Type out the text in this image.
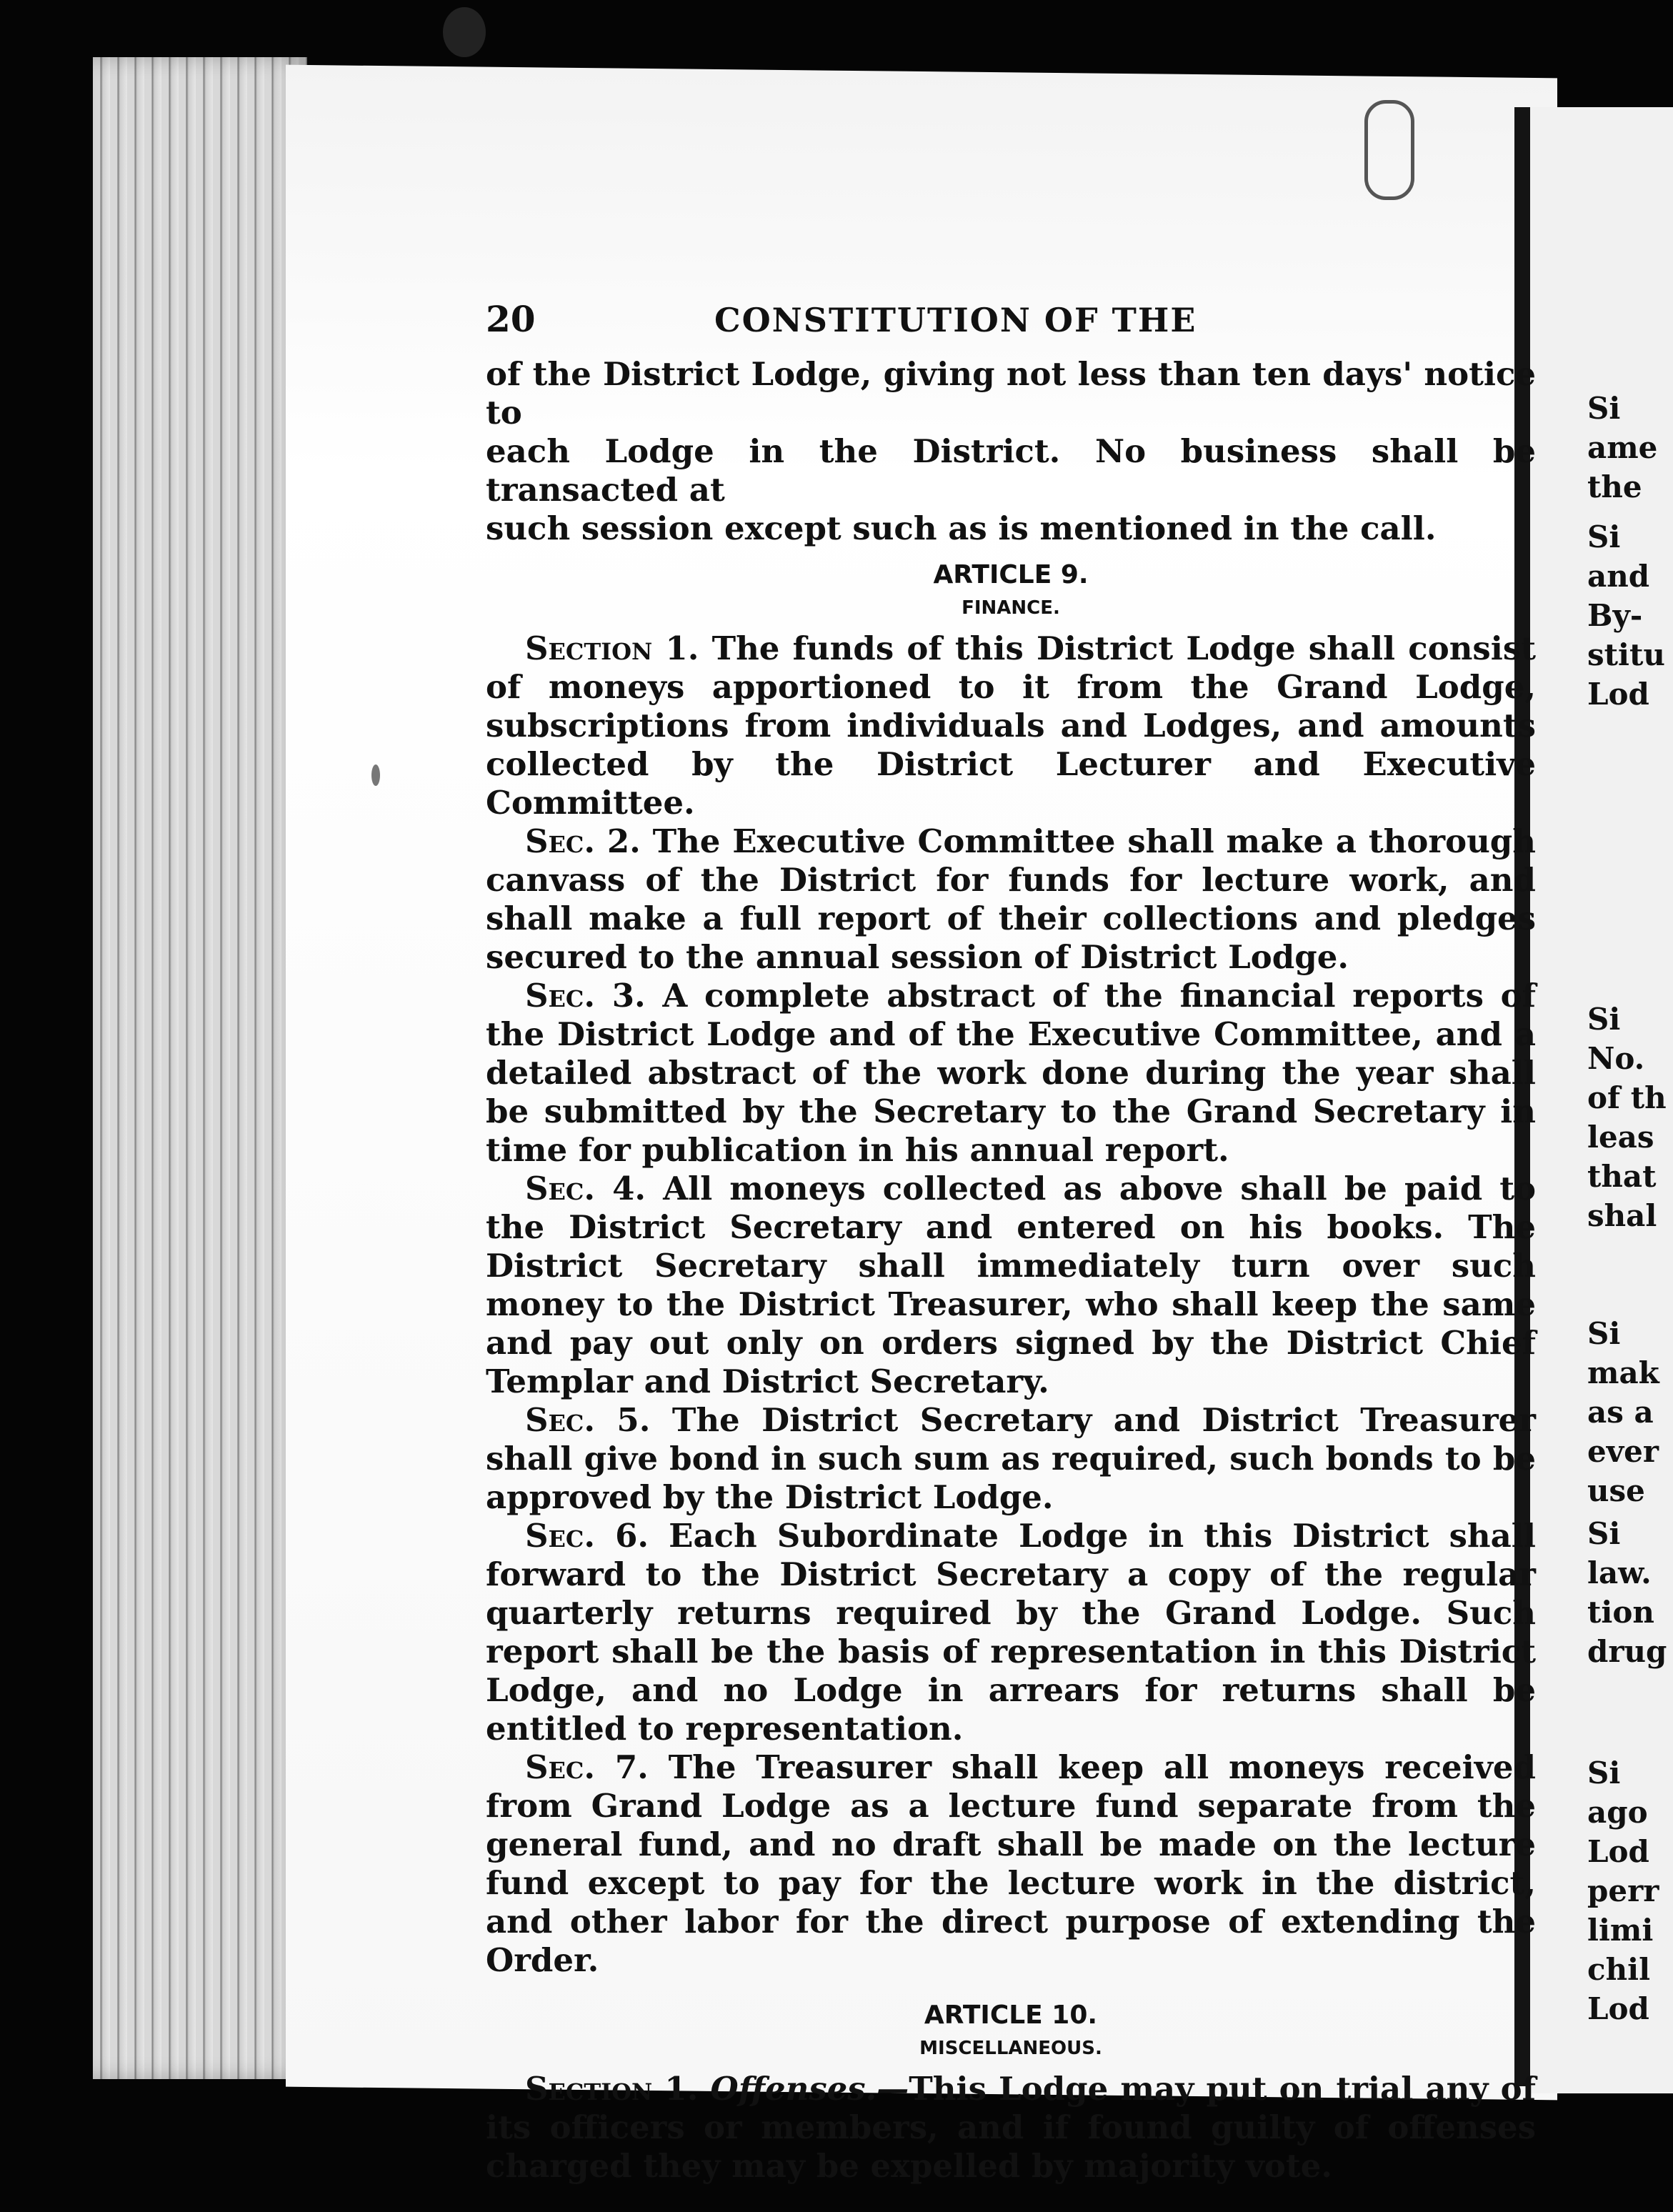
20	CONSTITUTION OF THE

of the District Lodge, giving not less than ten days' notice to

each Lodge in the District. No business shall be transacted at

such session except such as is mentioned in the call.

ARTICLE 9.
FINANCE.

Section 1. The funds of this District Lodge shall consist of moneys apportioned to it from the Grand Lodge, subscriptions from individuals and Lodges, and amounts collected by the District Lecturer and Executive Committee.

Sec. 2. The Executive Committee shall make a thorough canvass of the District for funds for lecture work, and shall make a full report of their collections and pledges secured to the annual session of District Lodge.

Sec. 3. A complete abstract of the financial reports of the District Lodge and of the Executive Committee, and a detailed abstract of the work done during the year shall be submitted by the Secretary to the Grand Secretary in time for publication in his annual report.

Sec. 4. All moneys collected as above shall be paid to the District Secretary and entered on his books. The District Secretary shall immediately turn over such money to the District Treasurer, who shall keep the same and pay out only on orders signed by the District Chief Templar and District Secretary.

Sec. 5. The District Secretary and District Treasurer shall give bond in such sum as required, such bonds to be approved by the District Lodge.

Sec. 6. Each Subordinate Lodge in this District shall forward to the District Secretary a copy of the regular quarterly returns required by the Grand Lodge. Such report shall be the basis of representation in this District Lodge, and no Lodge in arrears for returns shall be entitled to representation.

Sec. 7. The Treasurer shall keep all moneys received from Grand Lodge as a lecture fund separate from the general fund, and no draft shall be made on the lecture fund except to pay for the lecture work in the district, and other labor for the direct purpose of extending the Order.

ARTICLE 10.
MISCELLANEOUS.

Section 1. Offenses.—This Lodge may put on trial any of its officers or members, and if found guilty of offenses charged they may be expelled by majority vote.

Si
ame
the
Si
and
By-
stitu
Lod
Si
No.
of th
leas
that
shal
Si
mak
as a
ever
use
Si
law.
tion
drug
Si
ago
Lod
perr
limi
chil
Lod
